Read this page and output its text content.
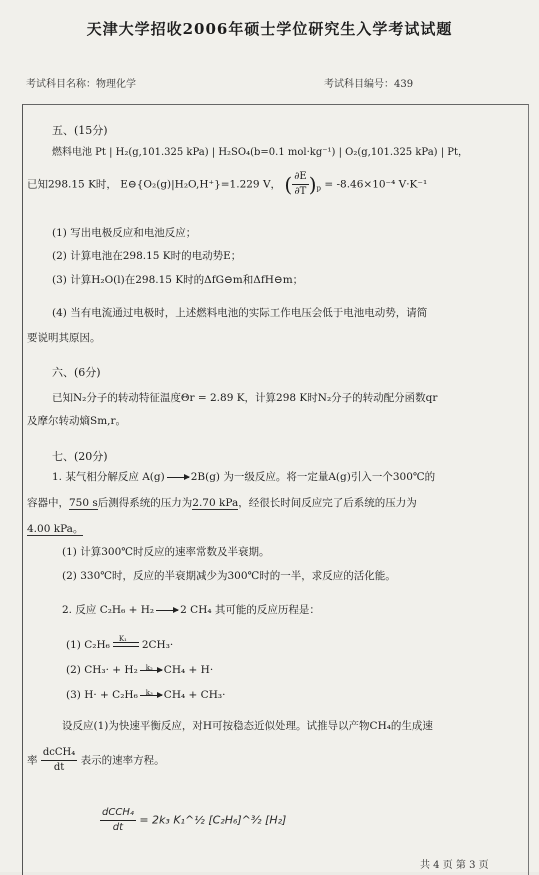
天津大学招收2006年硕士学位研究生入学考试试题
考试科目名称：物理化学	考试科目编号：439
五、(15分)
燃料电池 Pt | H₂(g,101.325 kPa) | H₂SO₄(b=0.1 mol·kg⁻¹) | O₂(g,101.325 kPa) | Pt，
已知298.15 K时， E⊖{O₂(g)|H₂O,H⁺}=1.229 V， ( $\frac{\partial E}{\partial T} )_p = -8.46\times 10^{-4}$ V·K⁻¹
(1) 写出电极反应和电池反应；
(2) 计算电池在298.15 K时的电动势E；
(3) 计算H₂O(l)在298.15 K时的ΔfG⊖m和ΔfH⊖m；
(4) 当有电流通过电极时，上述燃料电池的实际工作电压会低于电池电动势，请简
要说明其原因。
六、(6分)
已知N₂分子的转动特征温度Θr = 2.89 K，计算298 K时N₂分子的转动配分函数qr
及摩尔转动熵Sm,r。
七、(20分)
1. 某气相分解反应 A(g) → 2B(g) 为一级反应。将一定量A(g)引入一个300℃的
容器中，750 s后测得系统的压力为2.70 kPa，经很长时间反应完了后系统的压力为
4.00 kPa。
(1) 计算300℃时反应的速率常数及半衰期。
(2) 330℃时，反应的半衰期减少为300℃时的一半，求反应的活化能。
2. 反应 C₂H₆ + H₂ → 2 CH₄ 其可能的反应历程是：
(1) C₂H₆ K₁ 2CH₃·
(2) CH₃· + H₂ k₂ CH₄ + H·
(3) H· + C₂H₆ k₃ CH₄ + CH₃·
设反应(1)为快速平衡反应，对H可按稳态近似处理。试推导以产物CH₄的生成速
率 $\frac{\text{dcCH₄}}{dt}$ 表示的速率方程。
$\frac{\text{dCCH₄}}{dt} = 2k_3$ K₁^½ [C₂H₆]^³⁄₂ [H₂]
共 4 页 第 3 页
